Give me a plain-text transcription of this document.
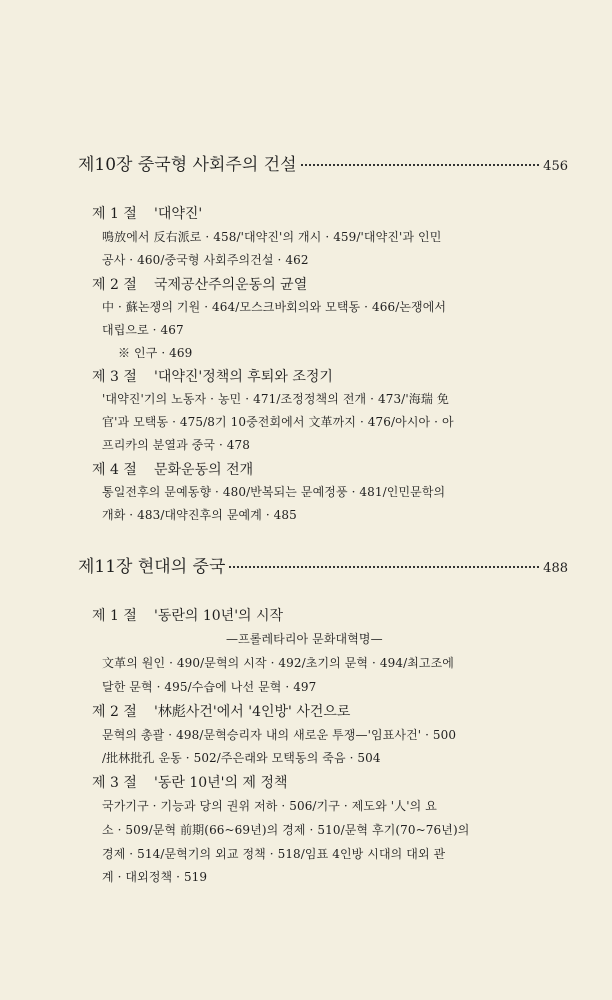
제10장 중국형 사회주의 건설	456
제 1 절 '대약진'
鳴放에서 反右派로 · 458/'대약진'의 개시 · 459/'대약진'과 인민
공사 · 460/중국형 사회주의건설 · 462
제 2 절 국제공산주의운동의 균열
中 · 蘇논쟁의 기원 · 464/모스크바회의와 모택동 · 466/논쟁에서
대립으로 · 467
※ 인구 · 469
제 3 절 '대약진'정책의 후퇴와 조정기
'대약진'기의 노동자 · 농민 · 471/조정정책의 전개 · 473/'海瑞 免
官'과 모택동 · 475/8기 10중전회에서 文革까지 · 476/아시아 · 아
프리카의 분열과 중국 · 478
제 4 절 문화운동의 전개
통일전후의 문예동향 · 480/반복되는 문예정풍 · 481/인민문학의
개화 · 483/대약진후의 문예계 · 485
제11장 현대의 중국	488
제 1 절 '동란의 10년'의 시작
—프롤레타리아 문화대혁명—
文革의 원인 · 490/문혁의 시작 · 492/초기의 문혁 · 494/최고조에
달한 문혁 · 495/수습에 나선 문혁 · 497
제 2 절 '林彪사건'에서 '4인방' 사건으로
문혁의 총괄 · 498/문혁승리자 내의 새로운 투쟁—'임표사건' · 500
/批林批孔 운동 · 502/주은래와 모택동의 죽음 · 504
제 3 절 '동란 10년'의 제 정책
국가기구 · 기능과 당의 권위 저하 · 506/기구 · 제도와 '人'의 요
소 · 509/문혁 前期(66~69년)의 경제 · 510/문혁 후기(70~76년)의
경제 · 514/문혁기의 외교 정책 · 518/임표 4인방 시대의 대외 관
계 · 대외정책 · 519
